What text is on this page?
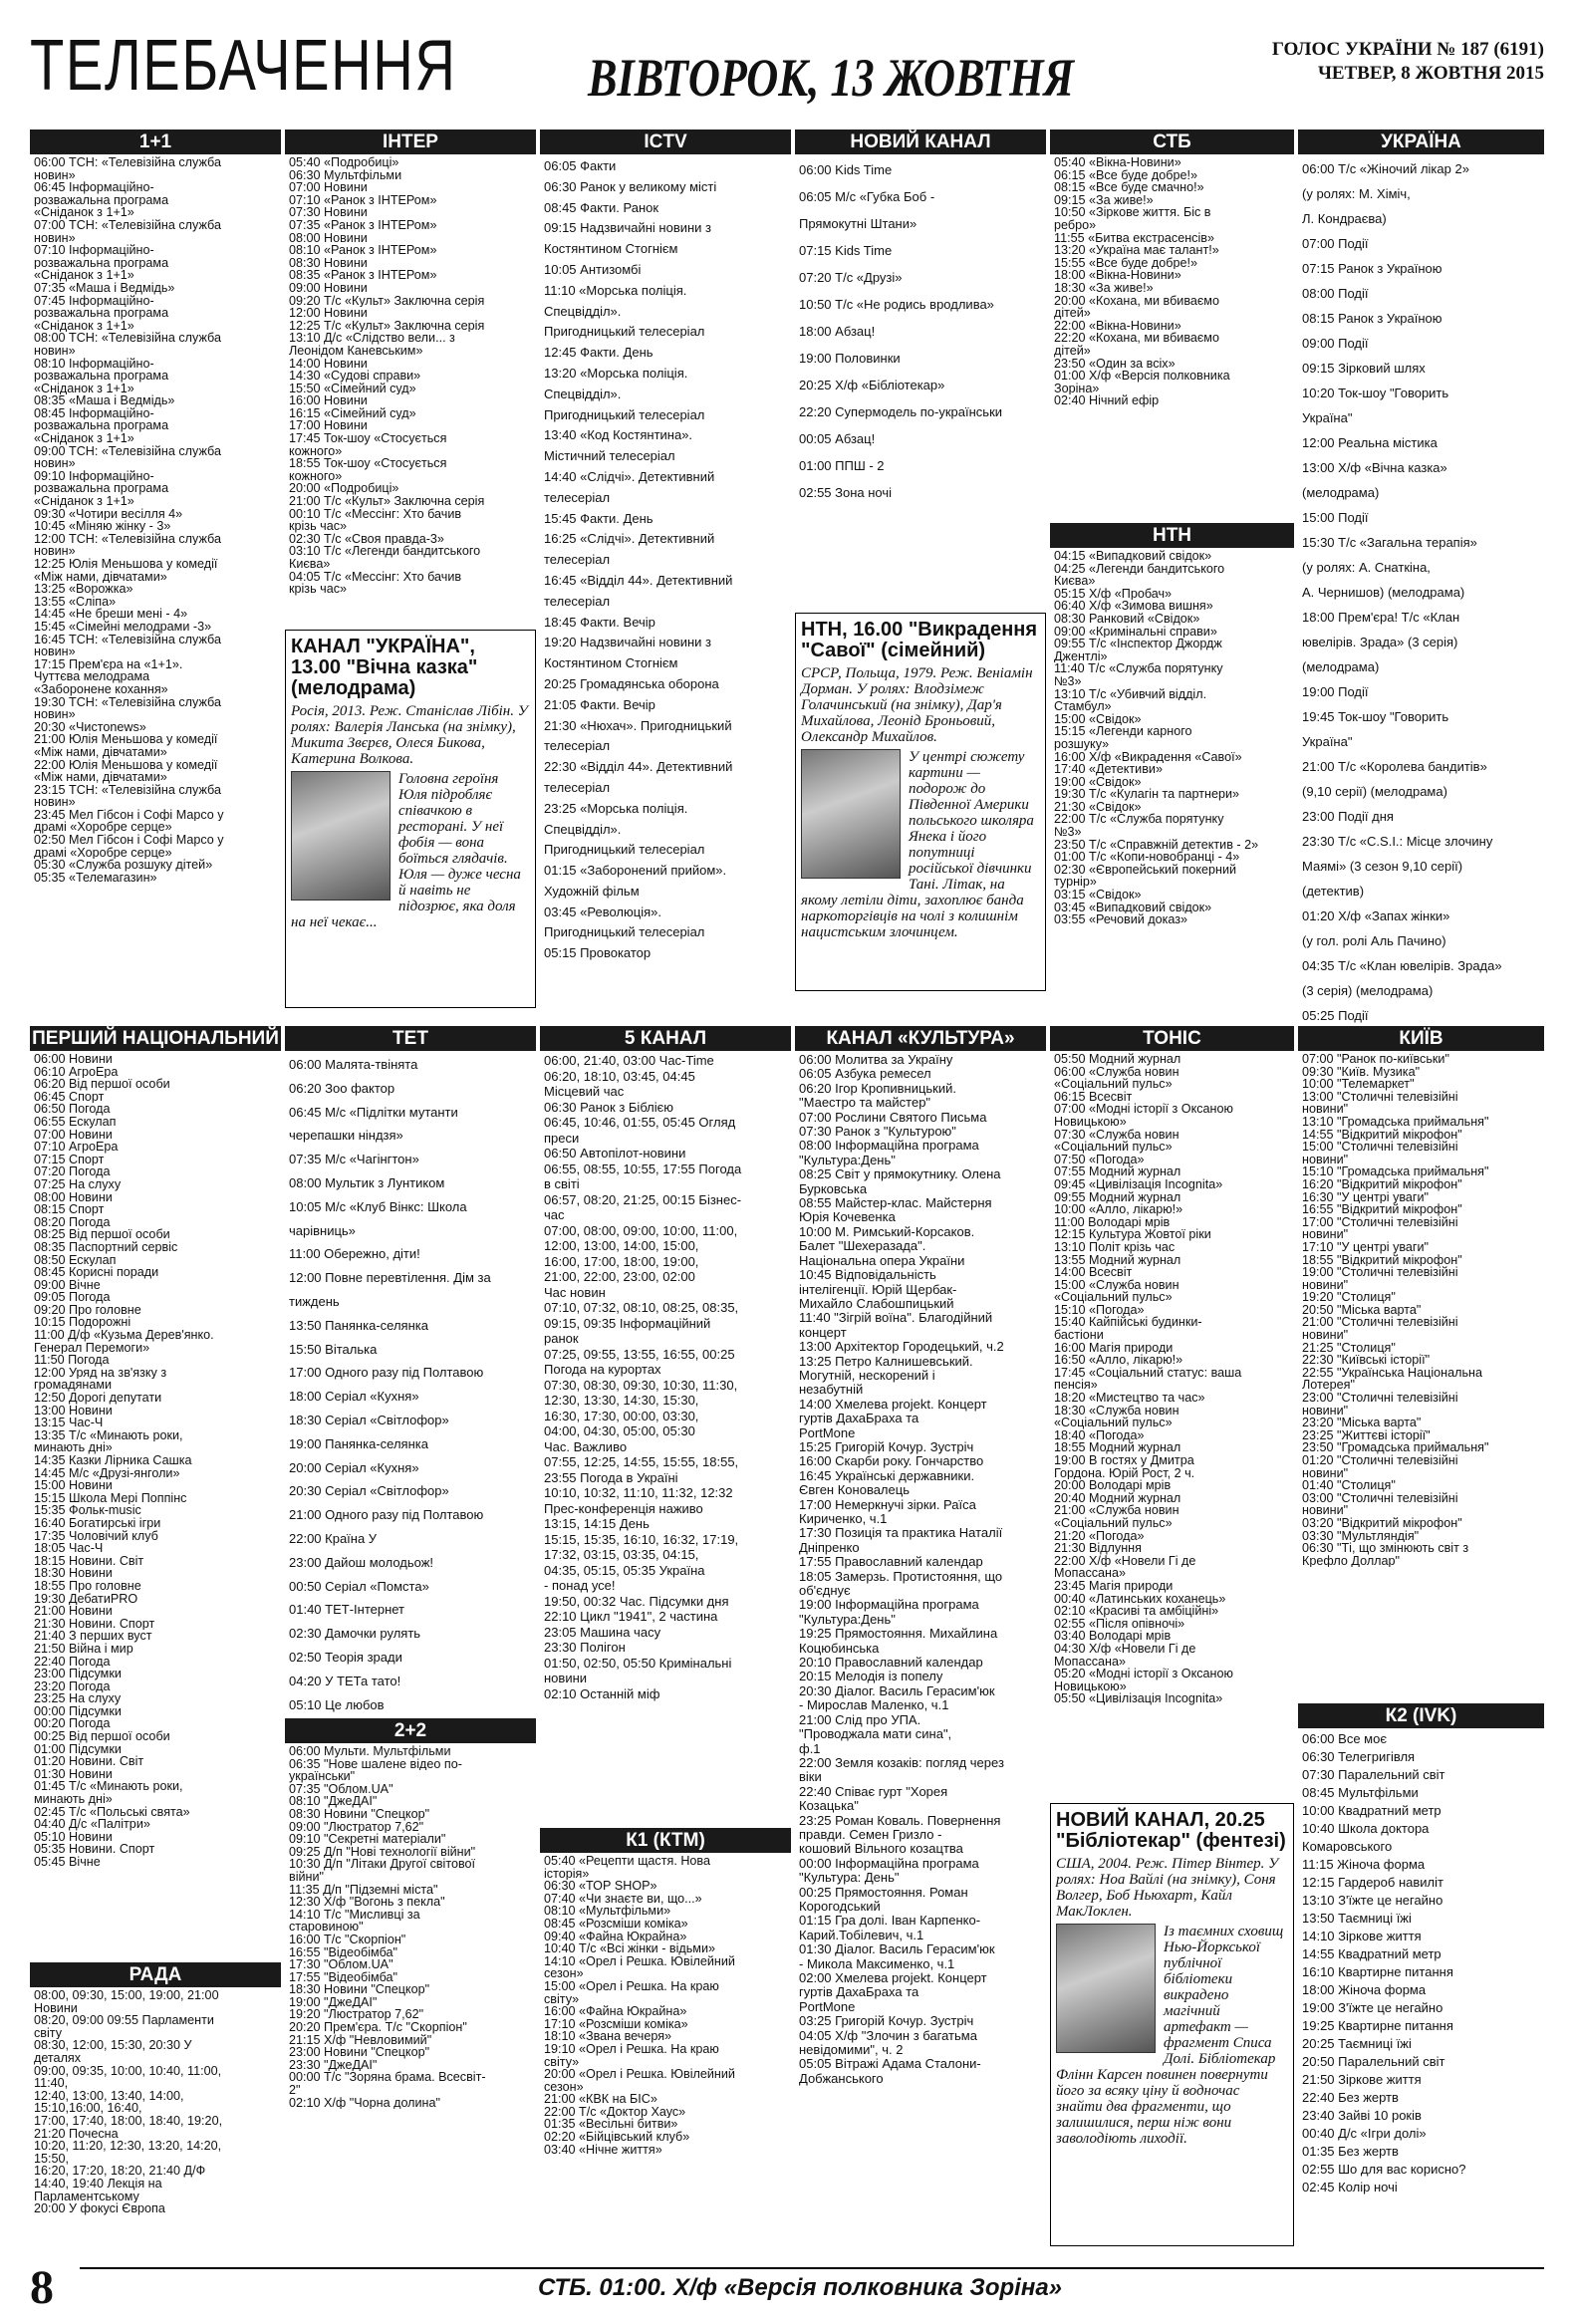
ТЕЛЕБАЧЕННЯ ВІВТОРОК, 13 ЖОВТНЯ	ГОЛОС УКРАЇНИ № 187 (6191)
ЧЕТВЕР, 8 ЖОВТНЯ 2015
1+1
06:00 ТСН: «Телевізійна служба
новин»
06:45 Інформаційно-
розважальна програма
«Сніданок з 1+1»
07:00 ТСН: «Телевізійна служба
новин»
07:10 Інформаційно-
розважальна програма
«Сніданок з 1+1»
07:35 «Маша і Ведмідь»
07:45 Інформаційно-
розважальна програма
«Сніданок з 1+1»
08:00 ТСН: «Телевізійна служба
новин»
08:10 Інформаційно-
розважальна програма
«Сніданок з 1+1»
08:35 «Маша і Ведмідь»
08:45 Інформаційно-
розважальна програма
«Сніданок з 1+1»
09:00 ТСН: «Телевізійна служба
новин»
09:10 Інформаційно-
розважальна програма
«Сніданок з 1+1»
09:30 «Чотири весілля 4»
10:45 «Міняю жінку - 3»
12:00 ТСН: «Телевізійна служба
новин»
12:25 Юлія Меньшова у комедії
«Між нами, дівчатами»
13:25 «Ворожка»
13:55 «Сліпа»
14:45 «Не бреши мені - 4»
15:45 «Сімейні мелодрами -3»
16:45 ТСН: «Телевізійна служба
новин»
17:15 Прем'єра на «1+1».
Чуттєва мелодрама
«Заборонене кохання»
19:30 ТСН: «Телевізійна служба
новин»
20:30 «Чистоnews»
21:00 Юлія Меньшова у комедії
«Між нами, дівчатами»
22:00 Юлія Меньшова у комедії
«Між нами, дівчатами»
23:15 ТСН: «Телевізійна служба
новин»
23:45 Мел Гібсон і Софі Марсо у
драмі «Хоробре серце»
02:50 Мел Гібсон і Софі Марсо у
драмі «Хоробре серце»
05:30 «Служба розшуку дітей»
05:35 «Телемагазин»
ПЕРШИЙ НАЦІОНАЛЬНИЙ
06:00 Новини
06:10 АгроЕра
06:20 Від першої особи
06:45 Спорт
06:50 Погода
06:55 Ескулап
07:00 Новини
07:10 АгроЕра
07:15 Спорт
07:20 Погода
07:25 На слуху
08:00 Новини
08:15 Спорт
08:20 Погода
08:25 Від першої особи
08:35 Паспортний сервіс
08:50 Ескулап
08:45 Корисні поради
09:00 Вічне
09:05 Погода
09:20 Про головне
10:15 Подорожні
11:00 Д/ф «Кузьма Дерев'янко.
Генерал Перемоги»
11:50 Погода
12:00 Уряд на зв'язку з
громадянами
12:50 Дорогі депутати
13:00 Новини
13:15 Час-Ч
13:35 Т/с «Минають роки,
минають дні»
14:35 Казки Лірника Сашка
14:45 М/с «Друзі-янголи»
15:00 Новини
15:15 Школа Мері Поппінс
15:35 Фольк-music
16:40 Богатирські ігри
17:35 Чоловічий клуб
18:05 Час-Ч
18:15 Новини. Світ
18:30 Новини
18:55 Про головне
19:30 ДебатиPRO
21:00 Новини
21:30 Новини. Спорт
21:40 З перших вуст
21:50 Війна і мир
22:40 Погода
23:00 Підсумки
23:20 Погода
23:25 На слуху
00:00 Підсумки
00:20 Погода
00:25 Від першої особи
01:00 Підсумки
01:20 Новини. Світ
01:30 Новини
01:45 Т/с «Минають роки,
минають дні»
02:45 Т/с «Польські свята»
04:40 Д/с «Палітри»
05:10 Новини
05:35 Новини. Спорт
05:45 Вічне
РАДА
08:00, 09:30, 15:00, 19:00, 21:00
Новини
08:20, 09:00 09:55 Парламенти
світу
08:30, 12:00, 15:30, 20:30 У
деталях
09:00, 09:35, 10:00, 10:40, 11:00,
11:40,
12:40, 13:00, 13:40, 14:00,
15:10,16:00, 16:40,
17:00, 17:40, 18:00, 18:40, 19:20,
21:20 Почесна
10:20, 11:20, 12:30, 13:20, 14:20,
15:50,
16:20, 17:20, 18:20, 21:40 Д/Ф
14:40, 19:40 Лекція на
Парламентському
20:00 У фокусі Європа
ІНТЕР
05:40 «Подробиці»
06:30 Мультфільми
07:00 Новини
07:10 «Ранок з ІНТЕРом»
07:30 Новини
07:35 «Ранок з ІНТЕРом»
08:00 Новини
08:10 «Ранок з ІНТЕРом»
08:30 Новини
08:35 «Ранок з ІНТЕРом»
09:00 Новини
09:20 Т/с «Культ» Заключна серія
12:00 Новини
12:25 Т/с «Культ» Заключна серія
13:10 Д/с «Слідство вели... з
Леонідом Каневським»
14:00 Новини
14:30 «Судові справи»
15:50 «Сімейний суд»
16:00 Новини
16:15 «Сімейний суд»
17:00 Новини
17:45 Ток-шоу «Стосується
кожного»
18:55 Ток-шоу «Стосується
кожного»
20:00 «Подробиці»
21:00 Т/с «Культ» Заключна серія
00:10 Т/с «Мессінг: Хто бачив
крізь час»
02:30 Т/с «Своя правда-3»
03:10 Т/с «Легенди бандитського
Києва»
04:05 Т/с «Мессінг: Хто бачив
крізь час»
КАНАЛ "УКРАЇНА", 13.00 "Вічна казка" (мелодрама)
Росія, 2013. Реж. Станіслав Лібін. У ролях: Валерія Ланська (на знімку), Микита Звєрєв, Олеся Бикова, Катерина Волкова.
Головна героїня Юля підробляє співачкою в ресторані. У неї фобія — вона боїться глядачів. Юля — дуже чесна й навіть не підозрює, яка доля на неї чекає...
ТЕТ
06:00 Малята-твінята
06:20 Зоо фактор
06:45 М/с «Підлітки мутанти
черепашки ніндзя»
07:35 М/с «Чагінгтон»
08:00 Мультик з Лунтиком
10:05 М/с «Клуб Вінкс: Школа
чарівниць»
11:00 Обережно, діти!
12:00 Повне перевтілення. Дім за
тиждень
13:50 Панянка-селянка
15:50 Віталька
17:00 Одного разу під Полтавою
18:00 Серіал «Кухня»
18:30 Серіал «Світлофор»
19:00 Панянка-селянка
20:00 Серіал «Кухня»
20:30 Серіал «Світлофор»
21:00 Одного разу під Полтавою
22:00 Країна У
23:00 Дайош молодьож!
00:50 Серіал «Помста»
01:40 ТЕТ-Інтернет
02:30 Дамочки рулять
02:50 Теорія зради
04:20 У ТЕТа тато!
05:10 Це любов
2+2
06:00 Мульти. Мультфільми
06:35 "Нове шалене відео по-
українськи"
07:35 "Облом.UA"
08:10 "ДжеДАЇ"
08:30 Новини "Спецкор"
09:00 "Люстратор 7,62"
09:10 "Секретні матеріали"
09:25 Д/п "Нові технології війни"
10:30 Д/п "Літаки Другої світової
війни"
11:35 Д/п "Підземні міста"
12:30 Х/ф "Вогонь з пекла"
14:10 Т/с "Мисливці за
старовиною"
16:00 Т/с "Скорпіон"
16:55 "Відеобімба"
17:30 "Облом.UA"
17:55 "Відеобімба"
18:30 Новини "Спецкор"
19:00 "ДжеДАЇ"
19:20 "Люстратор 7,62"
20:20 Прем'єра. Т/с "Скорпіон"
21:15 Х/ф "Невловимий"
23:00 Новини "Спецкор"
23:30 "ДжеДАЇ"
00:00 Т/с "Зоряна брама. Всесвіт-
2"
02:10 Х/ф "Чорна долина"
ICTV
06:05 Факти
06:30 Ранок у великому місті
08:45 Факти. Ранок
09:15 Надзвичайні новини з
Костянтином Стогнієм
10:05 Антизомбі
11:10 «Морська поліція.
Спецвідділ».
Пригодницький телесеріал
12:45 Факти. День
13:20 «Морська поліція.
Спецвідділ».
Пригодницький телесеріал
13:40 «Код Костянтина».
Містичний телесеріал
14:40 «Слідчі». Детективний
телесеріал
15:45 Факти. День
16:25 «Слідчі». Детективний
телесеріал
16:45 «Відділ 44». Детективний
телесеріал
18:45 Факти. Вечір
19:20 Надзвичайні новини з
Костянтином Стогнієм
20:25 Громадянська оборона
21:05 Факти. Вечір
21:30 «Нюхач». Пригодницький
телесеріал
22:30 «Відділ 44». Детективний
телесеріал
23:25 «Морська поліція.
Спецвідділ».
Пригодницький телесеріал
01:15 «Заборонений прийом».
Художній фільм
03:45 «Революція».
Пригодницький телесеріал
05:15 Провокатор
5 КАНАЛ
06:00, 21:40, 03:00 Час-Time
06:20, 18:10, 03:45, 04:45
Місцевий час
06:30 Ранок з Біблією
06:45, 10:46, 01:55, 05:45 Огляд
преси
06:50 Автопілот-новини
06:55, 08:55, 10:55, 17:55 Погода
в світі
06:57, 08:20, 21:25, 00:15 Бізнес-
час
07:00, 08:00, 09:00, 10:00, 11:00,
12:00, 13:00, 14:00, 15:00,
16:00, 17:00, 18:00, 19:00,
21:00, 22:00, 23:00, 02:00
Час новин
07:10, 07:32, 08:10, 08:25, 08:35,
09:15, 09:35 Інформаційний
ранок
07:25, 09:55, 13:55, 16:55, 00:25
Погода на курортах
07:30, 08:30, 09:30, 10:30, 11:30,
12:30, 13:30, 14:30, 15:30,
16:30, 17:30, 00:00, 03:30,
04:00, 04:30, 05:00, 05:30
Час. Важливо
07:55, 12:25, 14:55, 15:55, 18:55,
23:55 Погода в Україні
10:10, 10:32, 11:10, 11:32, 12:32
Прес-конференція наживо
13:15, 14:15 День
15:15, 15:35, 16:10, 16:32, 17:19,
17:32, 03:15, 03:35, 04:15,
04:35, 05:15, 05:35 Україна
- понад усе!
19:50, 00:32 Час. Підсумки дня
22:10 Цикл "1941", 2 частина
23:05 Машина часу
23:30 Полігон
01:50, 02:50, 05:50 Кримінальні
новини
02:10 Останній міф
К1 (КТМ)
05:40 «Рецепти щастя. Нова
історія»
06:30 «ТОР SHOP»
07:40 «Чи знаєте ви, що...»
08:10 «Мультфільми»
08:45 «Розсміши коміка»
09:40 «Файна Юкрайна»
10:40 Т/с «Всі жінки - відьми»
14:10 «Орел і Решка. Ювілейний
сезон»
15:00 «Орел і Решка. На краю
світу»
16:00 «Файна Юкрайна»
17:10 «Розсміши коміка»
18:10 «Звана вечеря»
19:10 «Орел і Решка. На краю
світу»
20:00 «Орел і Решка. Ювілейний
сезон»
21:00 «КВК на БІС»
22:00 Т/с «Доктор Хаус»
01:35 «Весільні битви»
02:20 «Бійцівський клуб»
03:40 «Нічне життя»
НОВИЙ КАНАЛ
06:00 Kids Time
06:05 М/с «Губка Боб -
Прямокутні Штани»
07:15 Kids Time
07:20 Т/с «Друзі»
10:50 Т/с «Не родись вродлива»
18:00 Абзац!
19:00 Половинки
20:25 Х/ф «Бібліотекар»
22:20 Супермодель по-українськи
00:05 Абзац!
01:00 ППШ - 2
02:55 Зона ночі
НТН, 16.00 "Викрадення "Савої" (сімейний)
СРСР, Польща, 1979. Реж. Веніамін Дорман. У ролях: Влодзімеж Голачинський (на знімку), Дар'я Михайлова, Леонід Броньовий, Олександр Михайлов.
У центрі сюжету картини — подорож до Південної Америки польського школяра Янека і його попутниці російської дівчинки Тані. Літак, на якому летіли діти, захоплює банда наркоторгівців на чолі з колишнім нацистським злочинцем.
КАНАЛ «КУЛЬТУРА»
06:00 Молитва за Україну
06:05 Азбука ремесел
06:20 Ігор Кропивницький.
"Маестро та майстер"
07:00 Рослини Святого Письма
07:30 Ранок з "Культурою"
08:00 Інформаційна програма
"Культура:День"
08:25 Світ у прямокутнику. Олена
Бурковська
08:55 Майстер-клас. Майстерня
Юрія Кочевенка
10:00 М. Римський-Корсаков.
Балет "Шехеразада".
Національна опера України
10:45 Відповідальність
інтелігенції. Юрій Щербак-
Михайло Слабошпицький
11:40 "Зігрій воїна". Благодійний
концерт
13:00 Архітектор Городецький, ч.2
13:25 Петро Калнишевський.
Могутній, нескорений і
незабутній
14:00 Хмелева projekt. Концерт
гуртів ДахаБраха та
PortMone
15:25 Григорій Кочур. Зустріч
16:00 Скарби року. Гончарство
16:45 Українські державники.
Євген Коновалець
17:00 Немеркнучі зірки. Раїса
Кириченко, ч.1
17:30 Позиція та практика Наталії
Дніпренко
17:55 Православний календар
18:05 Замерзь. Протистояння, що
об'єднує
19:00 Інформаційна програма
"Культура:День"
19:25 Прямостояння. Михайлина
Коцюбинська
20:10 Православний календар
20:15 Мелодія із попелу
20:30 Діалог. Василь Герасим'юк
- Мирослав Маленко, ч.1
21:00 Слід про УПА.
"Проводжала мати сина",
ф.1
22:00 Земля козаків: погляд через
віки
22:40 Співає гурт "Хорея
Козацька"
23:25 Роман Коваль. Повернення
правди. Семен Гризло -
кошовий Вільного козацтва
00:00 Інформаційна програма
"Культура: День"
00:25 Прямостояння. Роман
Корогодський
01:15 Гра долі. Іван Карпенко-
Карий.Тобілевич, ч.1
01:30 Діалог. Василь Герасим'юк
- Микола Максименко, ч.1
02:00 Хмелева projekt. Концерт
гуртів ДахаБраха та
PortMone
03:25 Григорій Кочур. Зустріч
04:05 Х/ф "Злочин з багатьма
невідомими", ч. 2
05:05 Вітражі Адама Сталони-
Добжанського
СТБ
05:40 «Вікна-Новини»
06:15 «Все буде добре!»
08:15 «Все буде смачно!»
09:15 «За живе!»
10:50 «Зіркове життя. Біс в
ребро»
11:55 «Битва екстрасенсів»
13:20 «Україна має талант!»
15:55 «Все буде добре!»
18:00 «Вікна-Новини»
18:30 «За живе!»
20:00 «Кохана, ми вбиваємо
дітей»
22:00 «Вікна-Новини»
22:20 «Кохана, ми вбиваємо
дітей»
23:50 «Один за всіх»
01:00 Х/ф «Версія полковника
Зоріна»
02:40 Нічний ефір
НТН
04:15 «Випадковий свідок»
04:25 «Легенди бандитського
Києва»
05:15 Х/ф «Пробач»
06:40 Х/ф «Зимова вишня»
08:30 Ранковий «Свідок»
09:00 «Кримінальні справи»
09:55 Т/с «Інспектор Джордж
Джентлі»
11:40 Т/с «Служба порятунку
№3»
13:10 Т/с «Убивчий відділ.
Стамбул»
15:00 «Свідок»
15:15 «Легенди карного
розшуку»
16:00 Х/ф «Викрадення «Савої»
17:40 «Детективи»
19:00 «Свідок»
19:30 Т/с «Кулагін та партнери»
21:30 «Свідок»
22:00 Т/с «Служба порятунку
№3»
23:50 Т/с «Справжній детектив - 2»
01:00 Т/с «Копи-новобранці - 4»
02:30 «Європейський покерний
турнір»
03:15 «Свідок»
03:45 «Випадковий свідок»
03:55 «Речовий доказ»
ТОНІС
05:50 Модний журнал
06:00 «Служба новин
«Соціальний пульс»
06:15 Всесвіт
07:00 «Модні історії з Оксаною
Новицькою»
07:30 «Служба новин
«Соціальний пульс»
07:50 «Погода»
07:55 Модний журнал
09:45 «Цивілізація Incognita»
09:55 Модний журнал
10:00 «Алло, лікарю!»
11:00 Володарі мрів
12:15 Культура Жовтої ріки
13:10 Політ крізь час
13:55 Модний журнал
14:00 Всесвіт
15:00 «Служба новин
«Соціальний пульс»
15:10 «Погода»
15:40 Кайпійські будинки-
бастіони
16:00 Магія природи
16:50 «Алло, лікарю!»
17:45 «Соціальний статус: ваша
пенсія»
18:20 «Мистецтво та час»
18:30 «Служба новин
«Соціальний пульс»
18:40 «Погода»
18:55 Модний журнал
19:00 В гостях у Дмитра
Гордона. Юрій Рост, 2 ч.
20:00 Володарі мрів
20:40 Модний журнал
21:00 «Служба новин
«Соціальний пульс»
21:20 «Погода»
21:30 Відлуння
22:00 Х/ф «Новели Гі де
Мопассана»
23:45 Магія природи
00:40 «Латинських коханець»
02:10 «Красиві та амбіційні»
02:55 «Після опівночі»
03:40 Володарі мрів
04:30 Х/ф «Новели Гі де
Мопассана»
05:20 «Модні історії з Оксаною
Новицькою»
05:50 «Цивілізація Incognita»
НОВИЙ КАНАЛ, 20.25 "Бібліотекар" (фентезі)
США, 2004. Реж. Пітер Вінтер. У ролях: Ноа Вайлі (на знімку), Соня Волгер, Боб Ньюхарт, Кайл МакЛоклен.
Із таємних сховищ Нью-Йоркської публічної бібліотеки викрадено магічний артефакт — фрагмент Списа Долі. Бібліотекар Флінн Карсен повинен повернути його за всяку ціну й водночас знайти два фрагменти, що залишилися, перш ніж вони заволодіють лиходії.
УКРАЇНА
06:00 Т/с «Жіночий лікар 2»
(у ролях: М. Хіміч,
Л. Кондраєва)
07:00 Події
07:15 Ранок з Україною
08:00 Події
08:15 Ранок з Україною
09:00 Події
09:15 Зірковий шлях
10:20 Ток-шоу "Говорить
Україна"
12:00 Реальна містика
13:00 Х/ф «Вічна казка»
(мелодрама)
15:00 Події
15:30 Т/с «Загальна терапія»
(у ролях: А. Снаткіна,
А. Чернишов) (мелодрама)
18:00 Прем'єра! Т/с «Клан
ювелірів. Зрада» (3 серія)
(мелодрама)
19:00 Події
19:45 Ток-шоу "Говорить
Україна"
21:00 Т/с «Королева бандитів»
(9,10 серії) (мелодрама)
23:00 Події дня
23:30 Т/с «C.S.I.: Місце злочину
Маямі» (3 сезон 9,10 серії)
(детектив)
01:20 Х/ф «Запах жінки»
(у гол. ролі Аль Пачино)
04:35 Т/с «Клан ювелірів. Зрада»
(3 серія) (мелодрама)
05:25 Події
КИЇВ
07:00 "Ранок по-київськи"
09:30 "Київ. Музика"
10:00 "Телемаркет"
13:00 "Столичні телевізійні
новини"
13:10 "Громадська приймальня"
14:55 "Відкритий мікрофон"
15:00 "Столичні телевізійні
новини"
15:10 "Громадська приймальня"
16:20 "Відкритий мікрофон"
16:30 "У центрі уваги"
16:55 "Відкритий мікрофон"
17:00 "Столичні телевізійні
новини"
17:10 "У центрі уваги"
18:55 "Відкритий мікрофон"
19:00 "Столичні телевізійні
новини"
19:20 "Столиця"
20:50 "Міська варта"
21:00 "Столичні телевізійні
новини"
21:25 "Столиця"
22:30 "Київські історії"
22:55 "Українська Національна
Лотерея"
23:00 "Столичні телевізійні
новини"
23:20 "Міська варта"
23:25 "Життєві історії"
23:50 "Громадська приймальня"
01:20 "Столичні телевізійні
новини"
01:40 "Столиця"
03:00 "Столичні телевізійні
новини"
03:20 "Відкритий мікрофон"
03:30 "Мультляндія"
06:30 "Ті, що змінюють світ з
Крефло Доллар"
К2 (IVK)
06:00 Все моє
06:30 Телегригівля
07:30 Паралельний світ
08:45 Мультфільми
10:00 Квадратний метр
10:40 Школа доктора
Комаровського
11:15 Жіноча форма
12:15 Гардероб навиліт
13:10 З'їжте це негайно
13:50 Таємниці їжі
14:10 Зіркове життя
14:55 Квадратний метр
16:10 Квартирне питання
18:00 Жіноча форма
19:00 З'їжте це негайно
19:25 Квартирне питання
20:25 Таємниці їжі
20:50 Паралельний світ
21:50 Зіркове життя
22:40 Без жертв
23:40 Зайві 10 років
00:40 Д/с «Ігри долі»
01:35 Без жертв
02:55 Шо для вас корисно?
02:45 Колір ночі
8	СТБ. 01:00. Х/ф «Версія полковника Зоріна»
